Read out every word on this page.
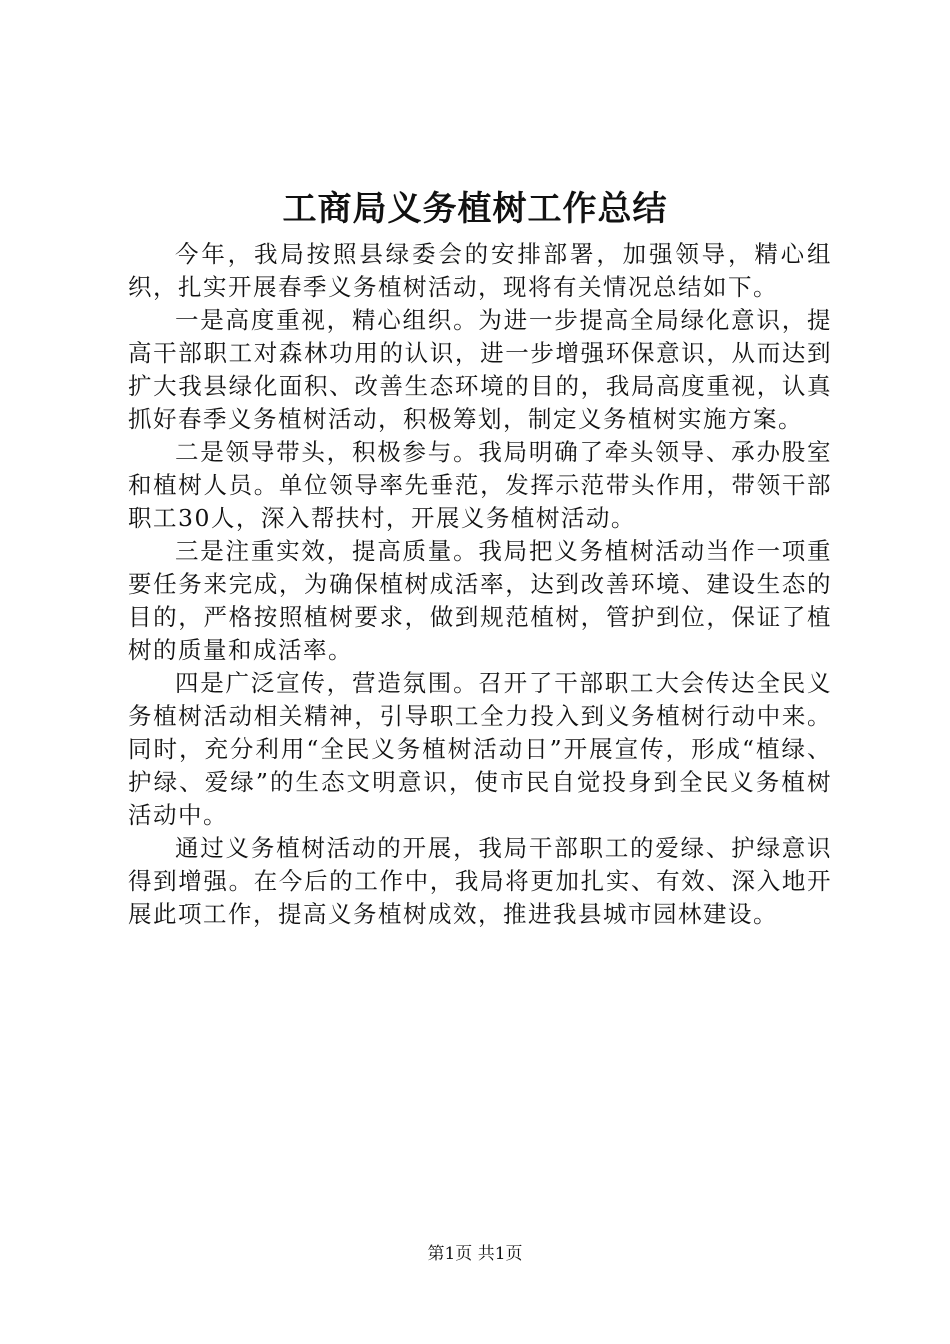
工商局义务植树工作总结

今年，我局按照县绿委会的安排部署，加强领导，精心组织，扎实开展春季义务植树活动，现将有关情况总结如下。

一是高度重视，精心组织。为进一步提高全局绿化意识，提高干部职工对森林功用的认识，进一步增强环保意识，从而达到扩大我县绿化面积、改善生态环境的目的，我局高度重视，认真抓好春季义务植树活动，积极筹划，制定义务植树实施方案。

二是领导带头，积极参与。我局明确了牵头领导、承办股室和植树人员。单位领导率先垂范，发挥示范带头作用，带领干部职工30人，深入帮扶村，开展义务植树活动。

三是注重实效，提高质量。我局把义务植树活动当作一项重要任务来完成，为确保植树成活率，达到改善环境、建设生态的目的，严格按照植树要求，做到规范植树，管护到位，保证了植树的质量和成活率。

四是广泛宣传，营造氛围。召开了干部职工大会传达全民义务植树活动相关精神，引导职工全力投入到义务植树行动中来。同时，充分利用“全民义务植树活动日”开展宣传，形成“植绿、护绿、爱绿”的生态文明意识，使市民自觉投身到全民义务植树活动中。

通过义务植树活动的开展，我局干部职工的爱绿、护绿意识得到增强。在今后的工作中，我局将更加扎实、有效、深入地开展此项工作，提高义务植树成效，推进我县城市园林建设。

第1页 共1页
